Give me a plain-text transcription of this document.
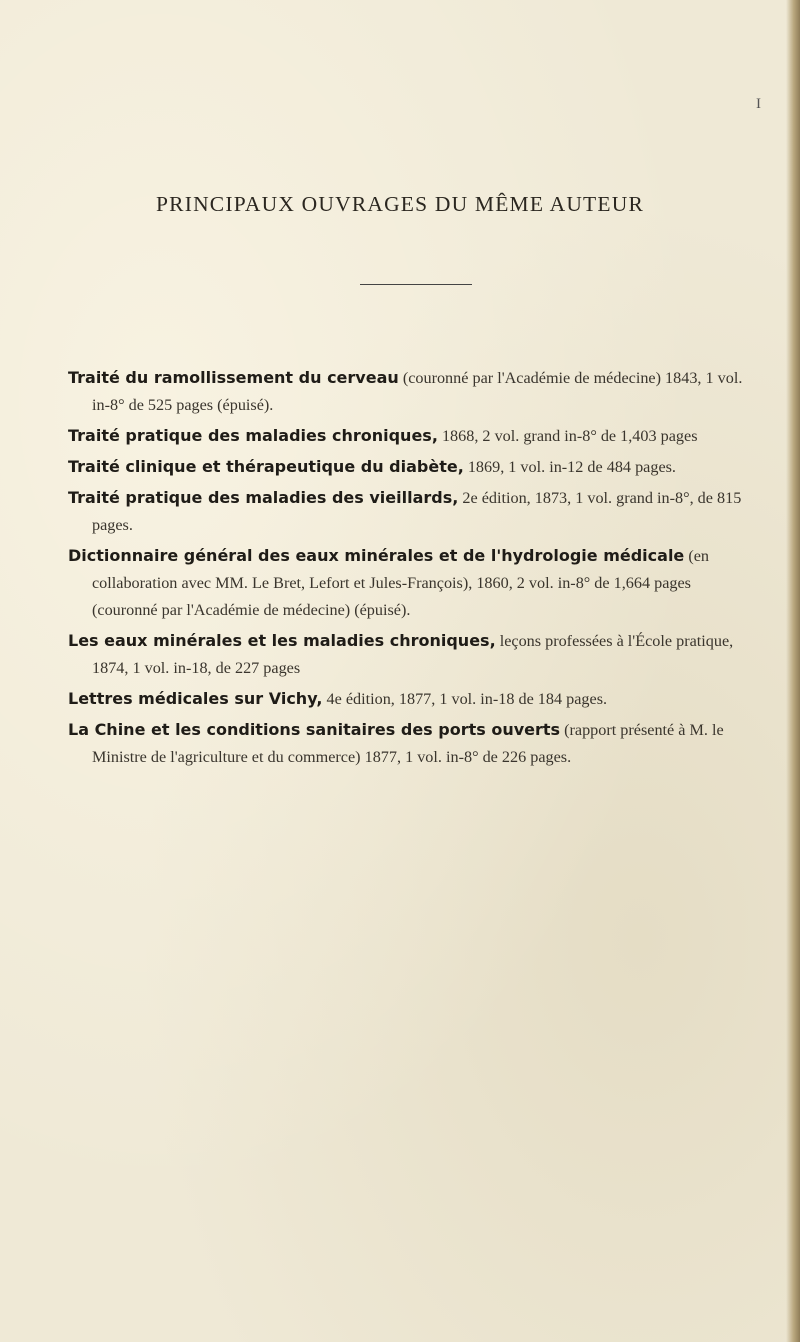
I
PRINCIPAUX OUVRAGES DU MÊME AUTEUR
Traité du ramollissement du cerveau (couronné par l'Académie de médecine) 1843, 1 vol. in-8° de 525 pages (épuisé).
Traité pratique des maladies chroniques, 1868, 2 vol. grand in-8° de 1,403 pages
Traité clinique et thérapeutique du diabète, 1869, 1 vol. in-12 de 484 pages.
Traité pratique des maladies des vieillards, 2e édition, 1873, 1 vol. grand in-8°, de 815 pages.
Dictionnaire général des eaux minérales et de l'hydrologie médicale (en collaboration avec MM. Le Bret, Lefort et Jules-François), 1860, 2 vol. in-8° de 1,664 pages (couronné par l'Académie de médecine) (épuisé).
Les eaux minérales et les maladies chroniques, leçons professées à l'École pratique, 1874, 1 vol. in-18, de 227 pages
Lettres médicales sur Vichy, 4e édition, 1877, 1 vol. in-18 de 184 pages.
La Chine et les conditions sanitaires des ports ouverts (rapport présenté à M. le Ministre de l'agriculture et du commerce) 1877, 1 vol. in-8° de 226 pages.
